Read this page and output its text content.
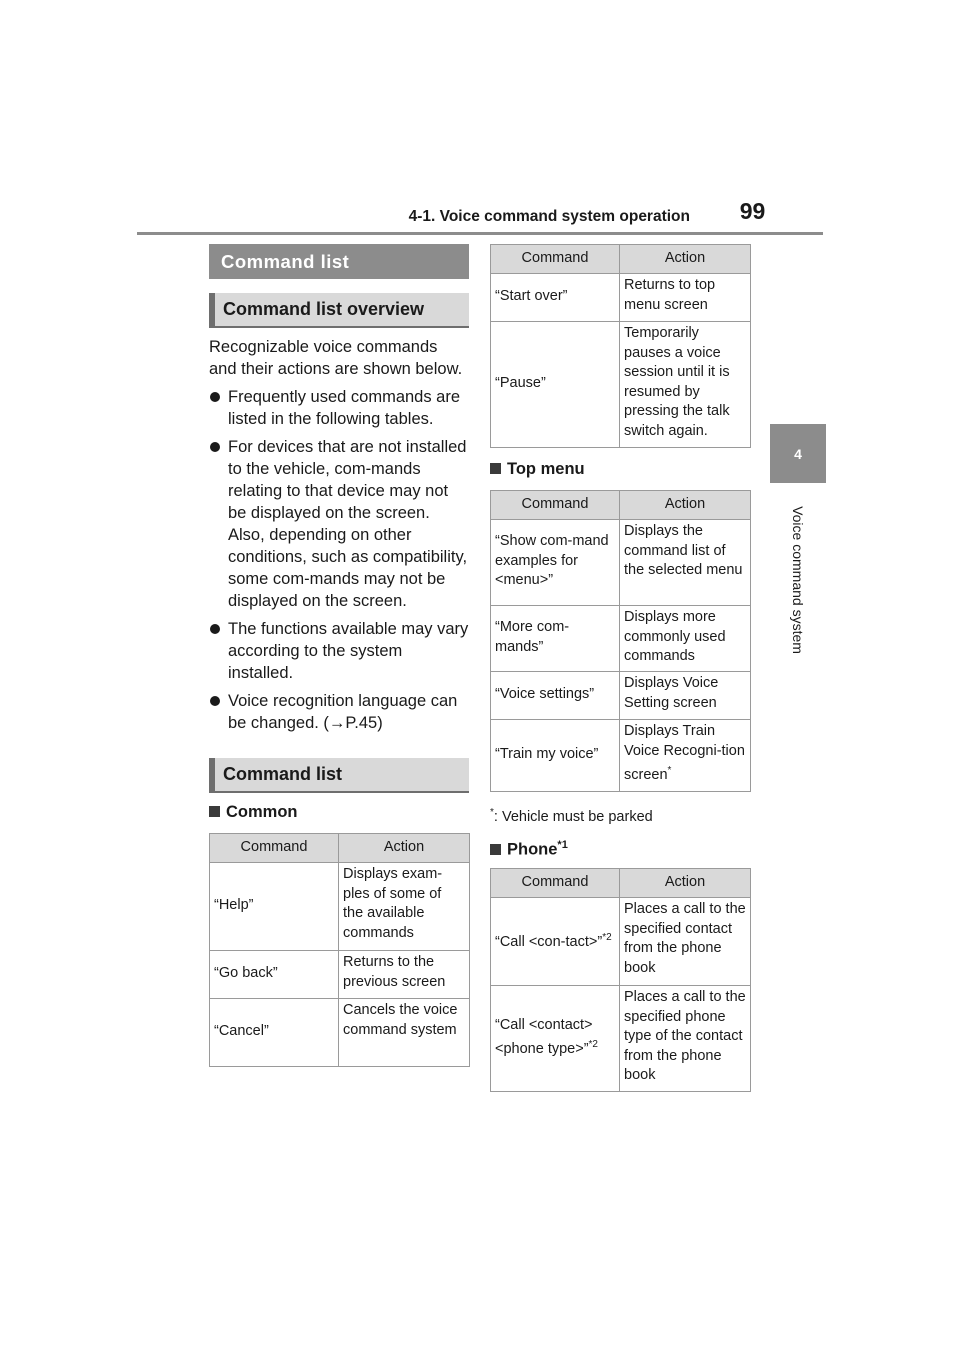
4-1. Voice command system operation	99
4
Voice command system
Command list
Command list overview
Recognizable voice commands and their actions are shown below.
Frequently used commands are listed in the following tables.
For devices that are not installed to the vehicle, com-mands relating to that device may not be displayed on the screen. Also, depending on other conditions, such as compatibility, some com-mands may not be displayed on the screen.
The functions available may vary according to the system installed.
Voice recognition language can be changed. (→P.45)
Command list
Common
Command	Action
“Help”	Displays exam-ples of some of the available commands
“Go back”	Returns to the previous screen
“Cancel”	Cancels the voice command system
Command	Action
“Start over”	Returns to top menu screen
“Pause”	Temporarily pauses a voice session until it is resumed by pressing the talk switch again.
Top menu
Command	Action
“Show com-mand examples for <menu>”	Displays the command list of the selected menu
“More com-mands”	Displays more commonly used commands
“Voice settings”	Displays Voice Setting screen
“Train my voice”	Displays Train Voice Recogni-tion screen*
*: Vehicle must be parked
Phone$^{*1}$
Command	Action
“Call <con-tact>”$^{*2}$	Places a call to the specified contact from the phone book
“Call <contact> <phone type>”$^{*2}$	Places a call to the specified phone type of the contact from the phone book
